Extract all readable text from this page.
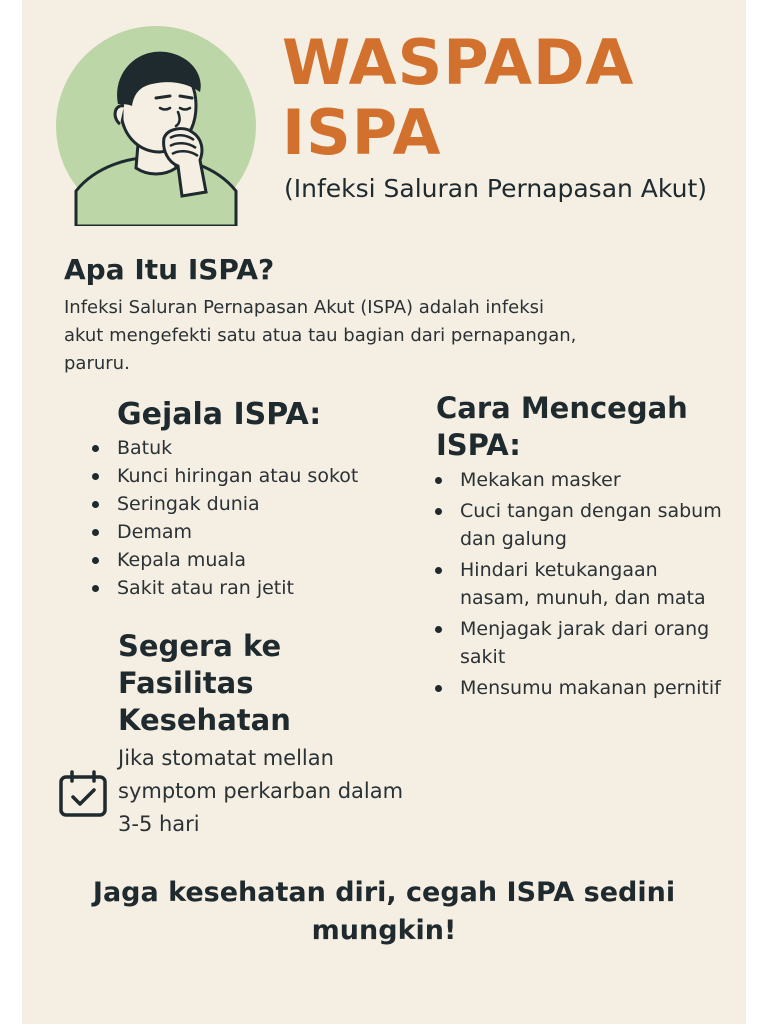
WASPADA
ISPA

(Infeksi Saluran Pernapasan Akut)

Apa Itu ISPA?

Infeksi Saluran Pernapasan Akut (ISPA) adalah infeksi akut mengefekti satu atua tau bagian dari pernapangan, paruru.

Gejala ISPA:
Batuk
Kunci hiringan atau sokot
Seringak dunia
Demam
Kepala muala
Sakit atau ran jetit
Cara Mencegah ISPA:
Mekakan masker
Cuci tangan dengan sabum dan galung
Hindari ketukangaan nasam, munuh, dan mata
Menjagak jarak dari orang sakit
Mensumu makanan pernitif
Segera ke Fasilitas Kesehatan

Jika stomatat mellan symptom perkarban dalam 3-5 hari

Jaga kesehatan diri, cegah ISPA sedini mungkin!
